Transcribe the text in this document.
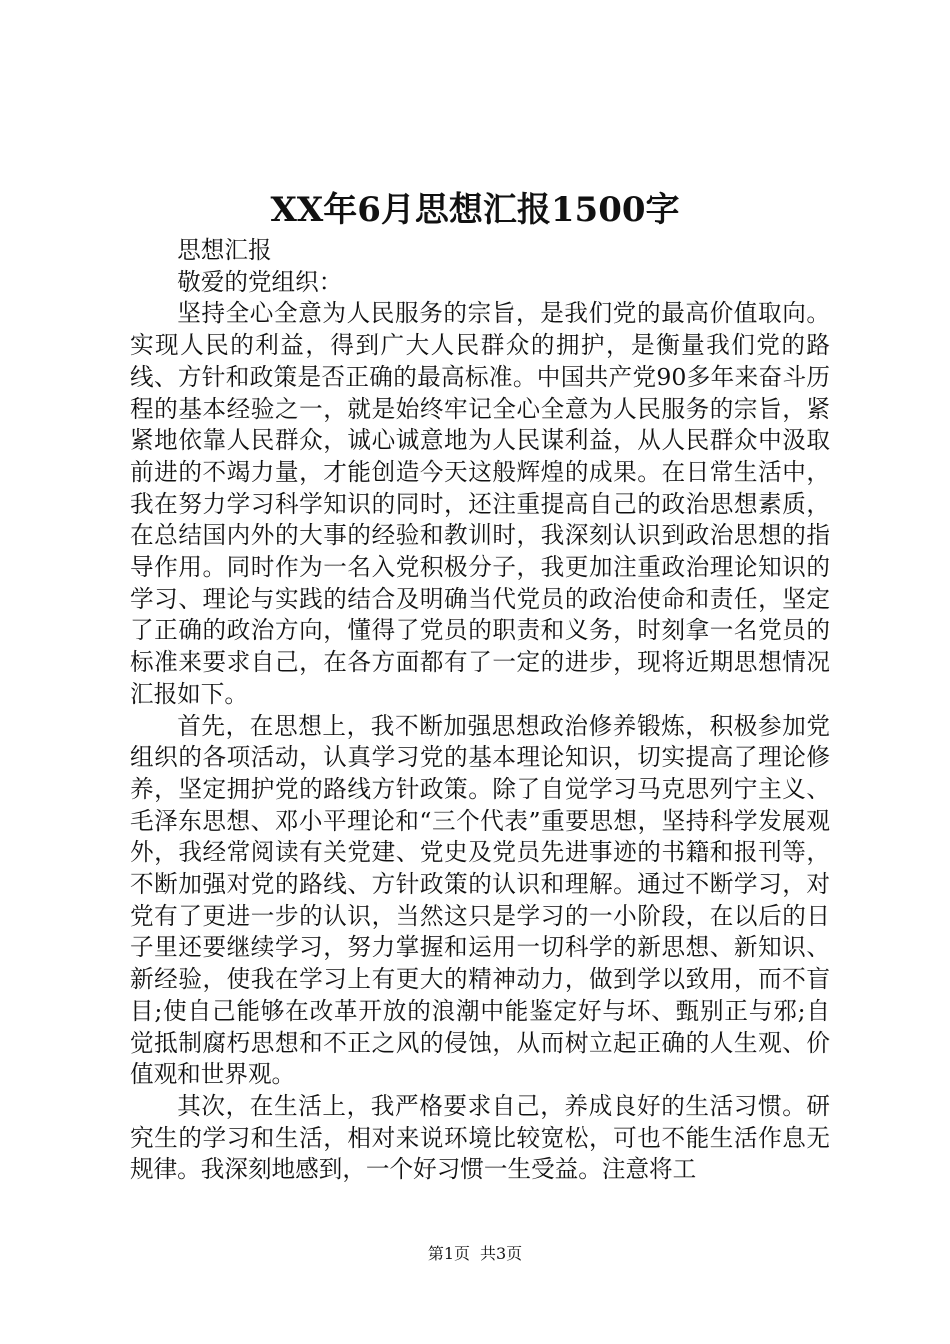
XX年6月思想汇报1500字

思想汇报

敬爱的党组织：

坚持全心全意为人民服务的宗旨，是我们党的最高价值取向。实现人民的利益，得到广大人民群众的拥护，是衡量我们党的路线、方针和政策是否正确的最高标准。中国共产党90多年来奋斗历程的基本经验之一，就是始终牢记全心全意为人民服务的宗旨，紧紧地依靠人民群众，诚心诚意地为人民谋利益，从人民群众中汲取前进的不竭力量，才能创造今天这般辉煌的成果。在日常生活中，我在努力学习科学知识的同时，还注重提高自己的政治思想素质，在总结国内外的大事的经验和教训时，我深刻认识到政治思想的指导作用。同时作为一名入党积极分子，我更加注重政治理论知识的学习、理论与实践的结合及明确当代党员的政治使命和责任，坚定了正确的政治方向，懂得了党员的职责和义务，时刻拿一名党员的标准来要求自己，在各方面都有了一定的进步，现将近期思想情况汇报如下。

首先，在思想上，我不断加强思想政治修养锻炼，积极参加党组织的各项活动，认真学习党的基本理论知识，切实提高了理论修养，坚定拥护党的路线方针政策。除了自觉学习马克思列宁主义、毛泽东思想、邓小平理论和“三个代表”重要思想，坚持科学发展观外，我经常阅读有关党建、党史及党员先进事迹的书籍和报刊等，不断加强对党的路线、方针政策的认识和理解。通过不断学习，对党有了更进一步的认识，当然这只是学习的一小阶段，在以后的日子里还要继续学习，努力掌握和运用一切科学的新思想、新知识、新经验，使我在学习上有更大的精神动力，做到学以致用，而不盲目;使自己能够在改革开放的浪潮中能鉴定好与坏、甄别正与邪;自觉抵制腐朽思想和不正之风的侵蚀，从而树立起正确的人生观、价值观和世界观。

其次，在生活上，我严格要求自己，养成良好的生活习惯。研究生的学习和生活，相对来说环境比较宽松，可也不能生活作息无规律。我深刻地感到，一个好习惯一生受益。注意将工

第1页 共3页
